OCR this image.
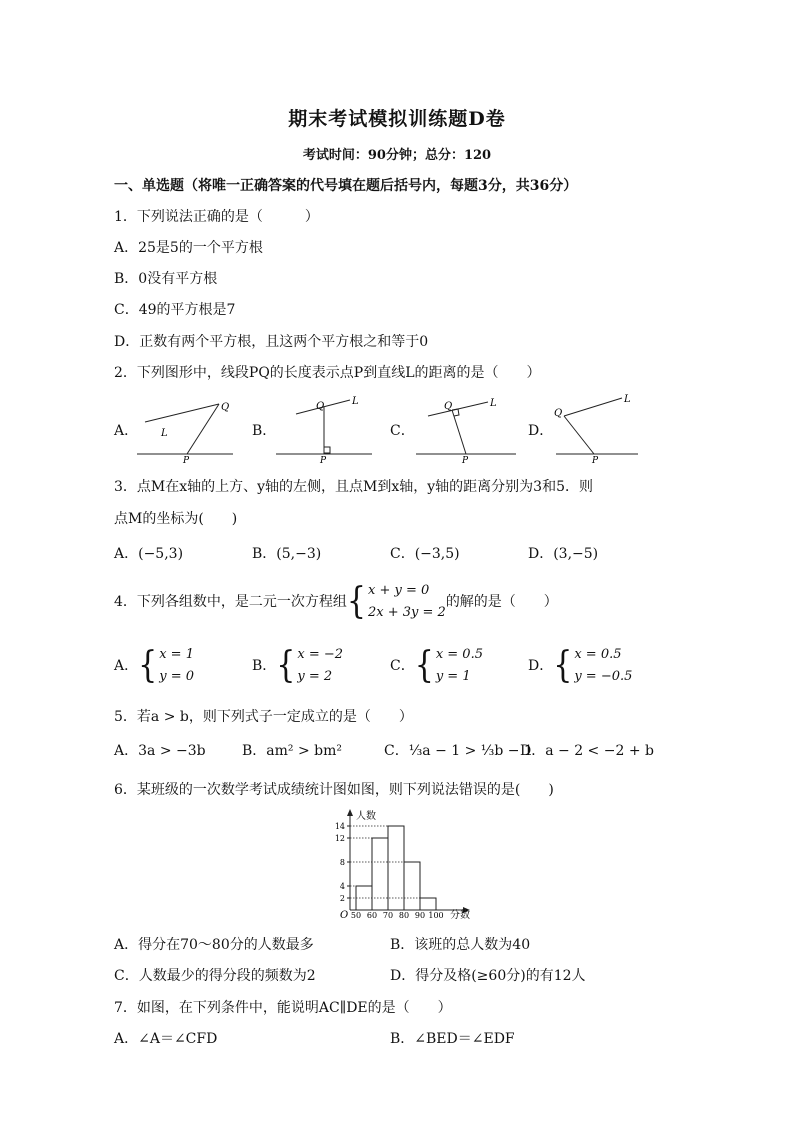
期末考试模拟训练题D卷
考试时间：90分钟；总分：120
一、单选题（将唯一正确答案的代号填在题后括号内，每题3分，共36分）
1．下列说法正确的是（　　　）
A．25是5的一个平方根
B．0没有平方根
C．49的平方根是7
D．正数有两个平方根，且这两个平方根之和等于0
2．下列图形中，线段PQ的长度表示点P到直线L的距离的是（　　）
A．	B．	C．	D．
L
Q
P
Q	L
P
Q	L
P
Q
L
P
3．点M在x轴的上方、y轴的左侧，且点M到x轴，y轴的距离分别为3和5．则
点M的坐标为(　　)
A．(−5,3)	B．(5,−3)	C．(−3,5)	D．(3,−5)
4．下列各组数中，是二元一次方程组{ x + y = 0
2x + 3y = 2
的解的是（　　）
A．{ x = 1
y = 0
B．{ x = −2
y = 2
C．{ x = 0.5
y = 1
D．{ x = 0.5
y = −0.5
5．若a > b，则下列式子一定成立的是（　　）
A．3a > −3b	B．am² > bm²	C．⅓a − 1 > ⅓b − 1
D．a − 2 < −2 + b
6．某班级的一次数学考试成绩统计图如图，则下列说法错误的是(　　)
人数
分数
O 50 60 70 80 90 100
2
4
8
12
14
A．得分在70～80分的人数最多	B．该班的总人数为40
C．人数最少的得分段的频数为2	D．得分及格(≥60分)的有12人
7．如图，在下列条件中，能说明AC∥DE的是（　　）
A．∠A＝∠CFD	B．∠BED＝∠EDF
